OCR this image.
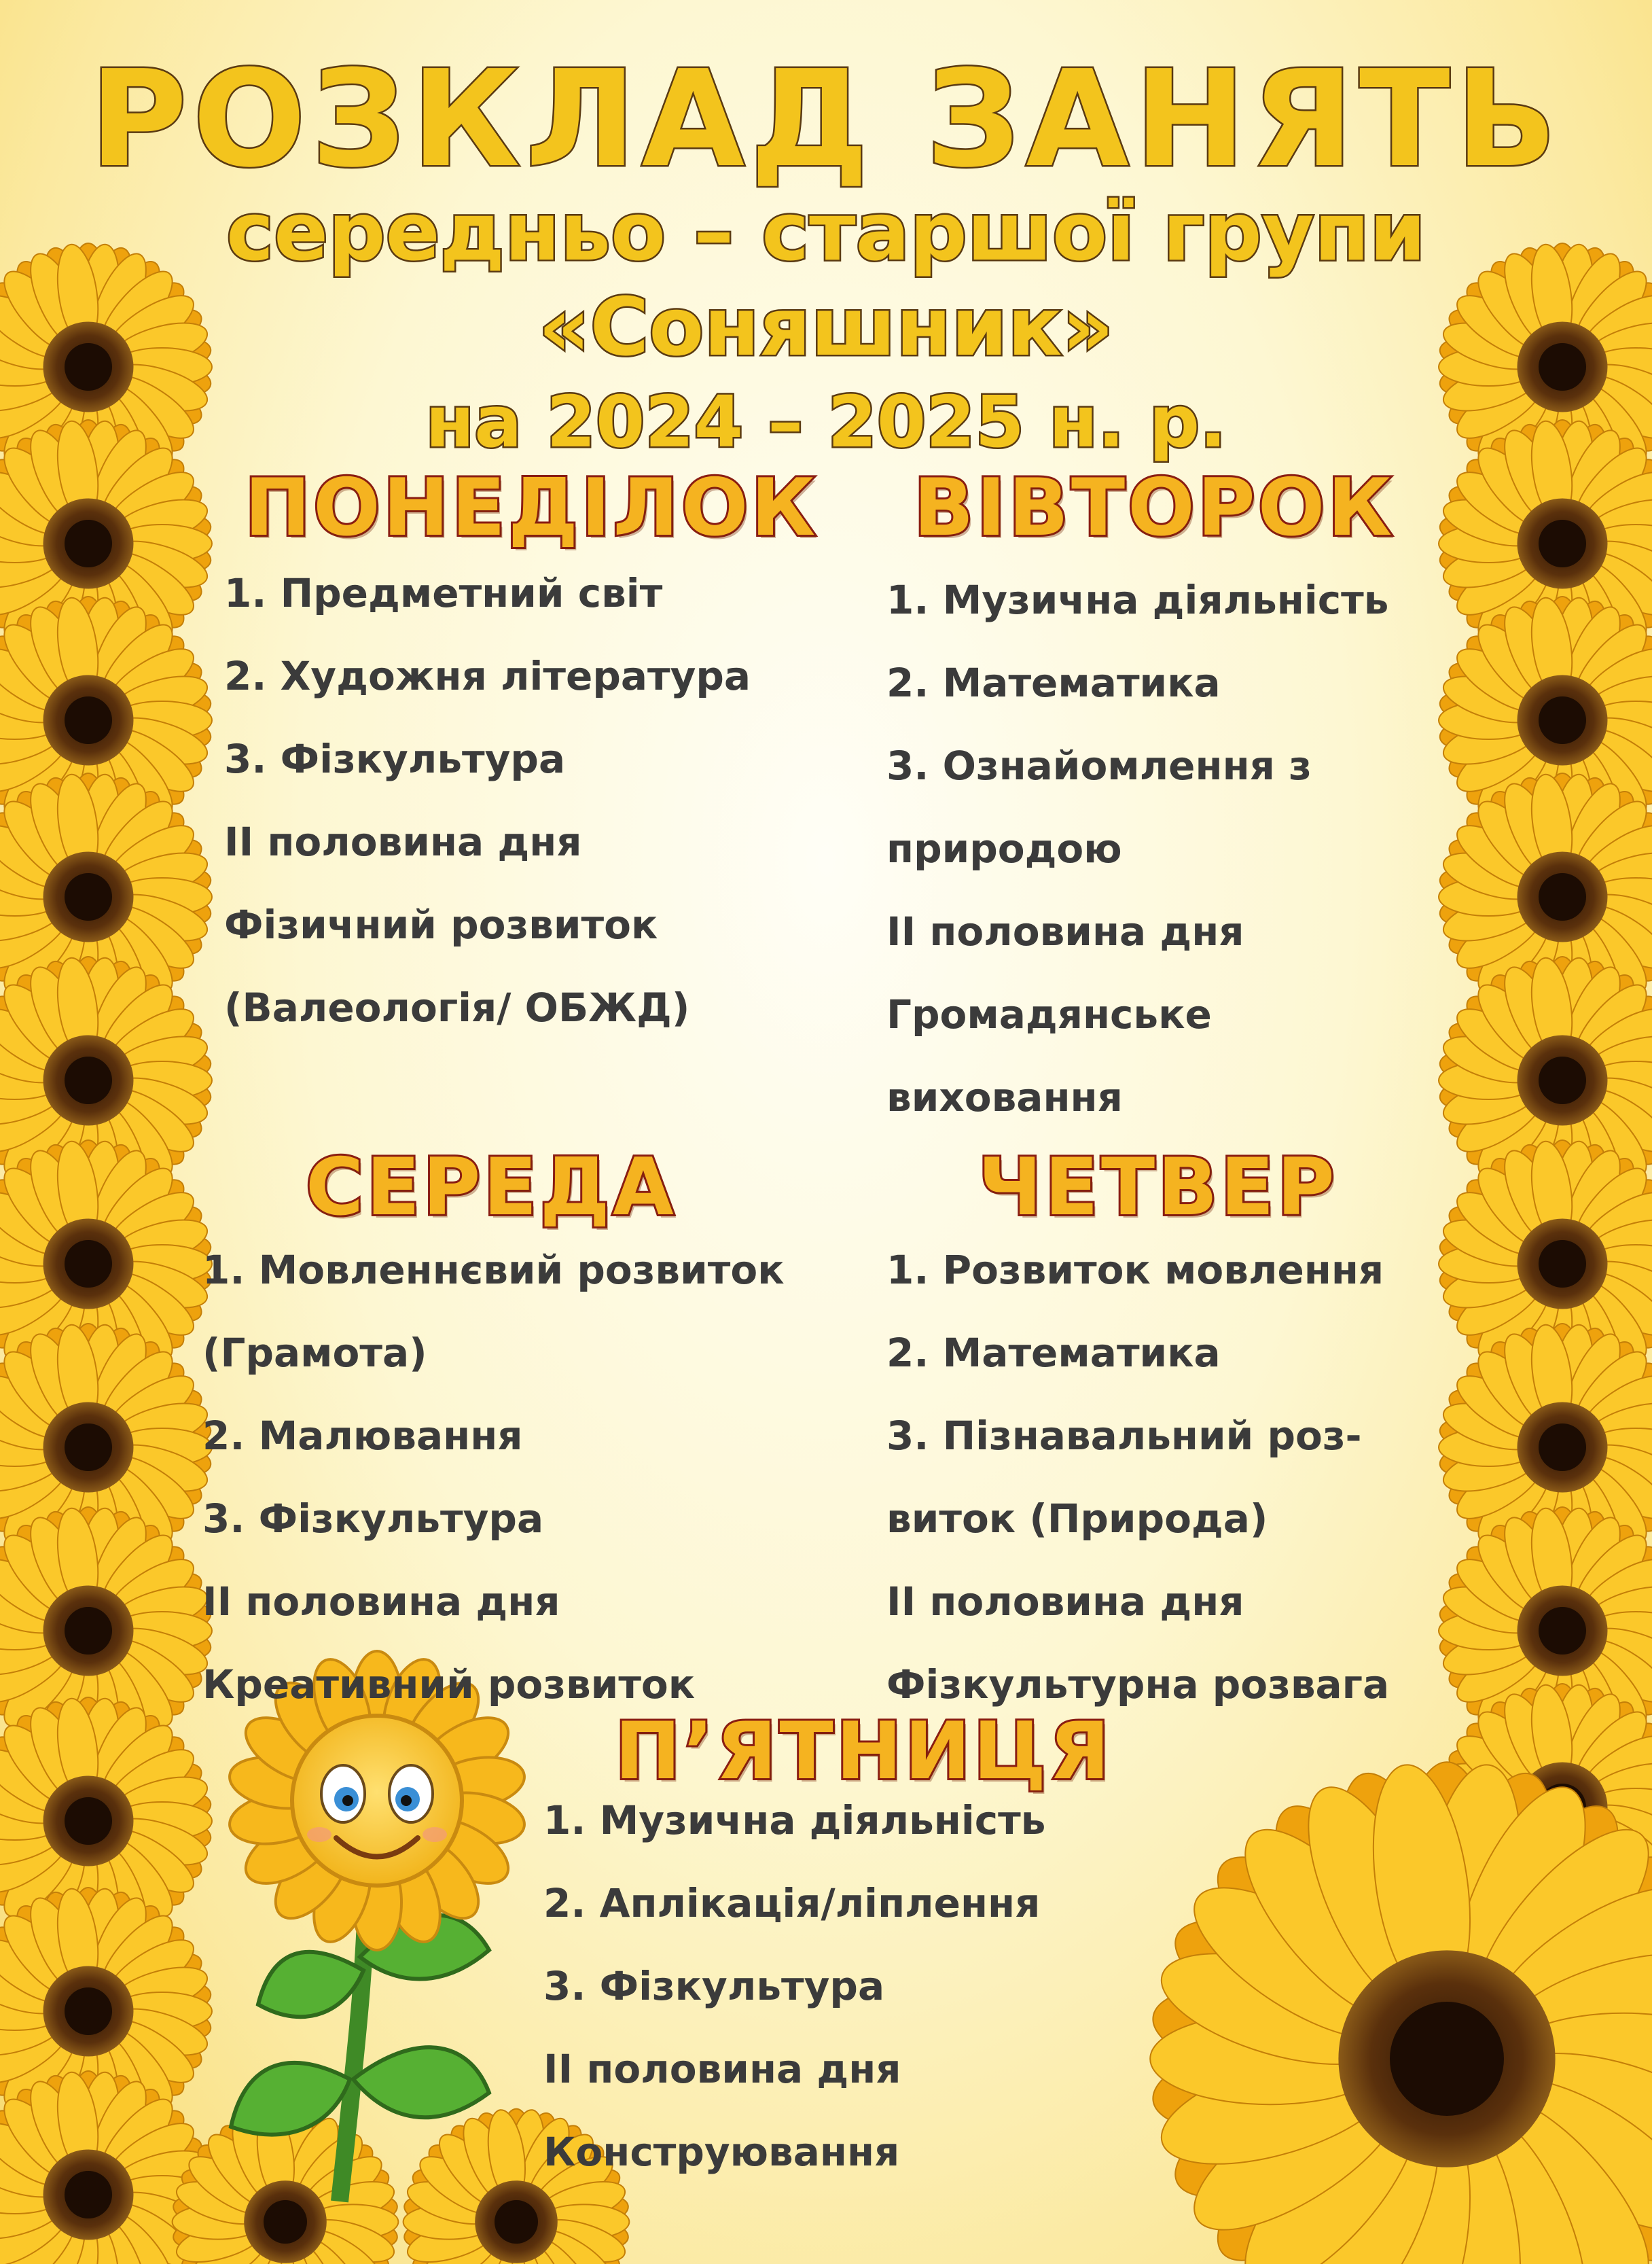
РОЗКЛАД ЗАНЯТЬ
середньо – старшої групи
«Соняшник»
на 2024 – 2025 н. р.
ПОНЕДІЛОК
1. Предметний світ
2. Художня література
3. Фізкультура
ІІ половина дня
Фізичний розвиток
(Валеологія/ ОБЖД)
ВІВТОРОК
1. Музична діяльність
2. Математика
3. Ознайомлення з
природою
ІІ половина дня
Громадянське
виховання
СЕРЕДА
1. Мовленнєвий розвиток
(Грамота)
2. Малювання
3. Фізкультура
ІІ половина дня
Креативний розвиток
ЧЕТВЕР
1. Розвиток мовлення
2. Математика
3. Пізнавальний роз-
виток (Природа)
ІІ половина дня
Фізкультурна розвага
П’ЯТНИЦЯ
1. Музична діяльність
2. Аплікація/ліплення
3. Фізкультура
ІІ половина дня
Конструювання
